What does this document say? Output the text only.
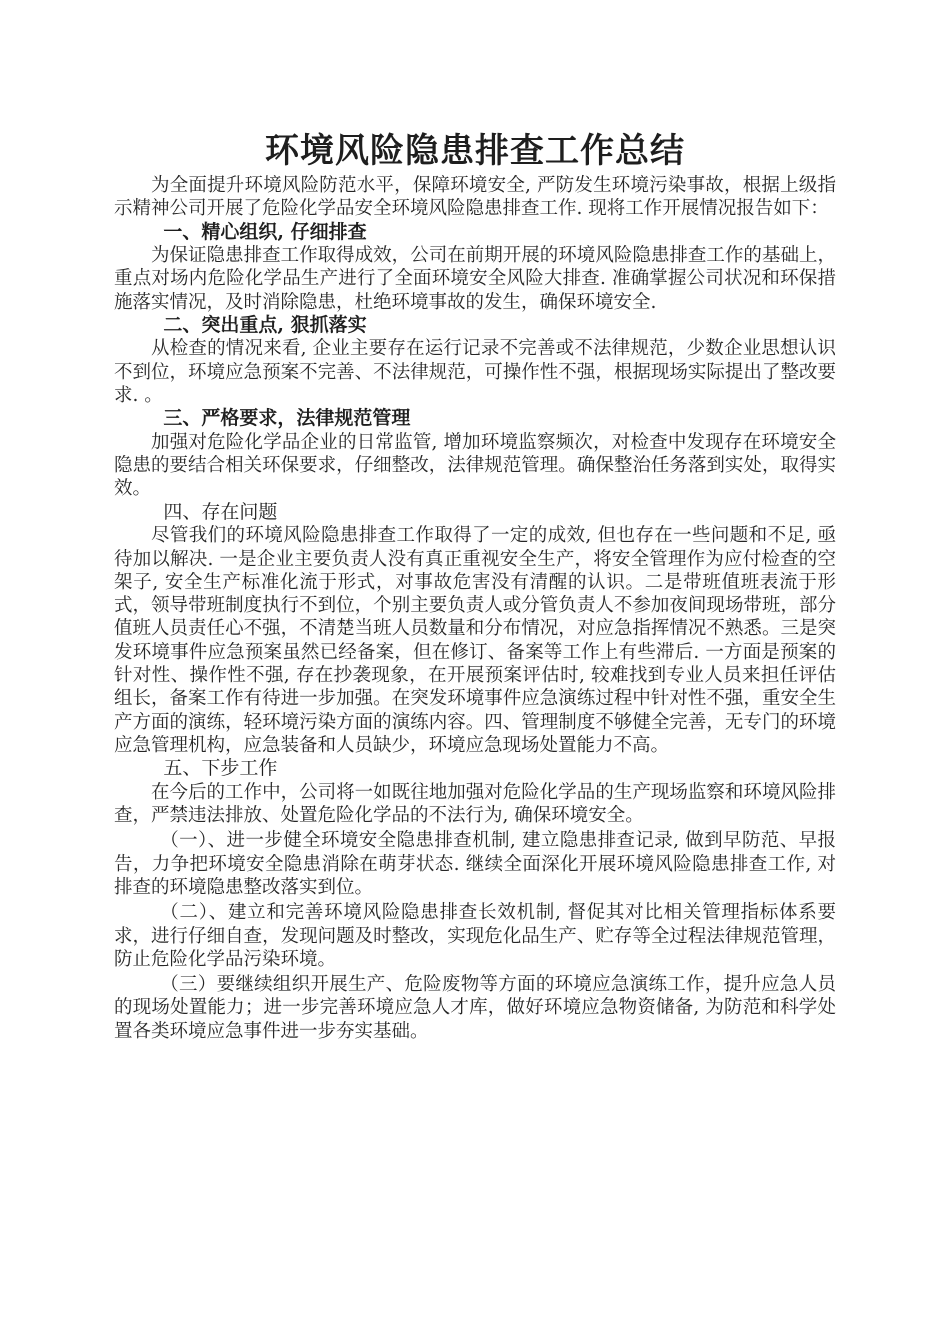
环境风险隐患排查工作总结

为全面提升环境风险防范水平，保障环境安全, 严防发生环境污染事故，根据上级指示精神公司开展了危险化学品安全环境风险隐患排查工作. 现将工作开展情况报告如下：

一、精心组织, 仔细排查

为保证隐患排查工作取得成效，公司在前期开展的环境风险隐患排查工作的基础上，重点对场内危险化学品生产进行了全面环境安全风险大排查. 准确掌握公司状况和环保措施落实情况，及时消除隐患，杜绝环境事故的发生，确保环境安全.

二、突出重点, 狠抓落实

从检查的情况来看, 企业主要存在运行记录不完善或不法律规范，少数企业思想认识不到位，环境应急预案不完善、不法律规范，可操作性不强，根据现场实际提出了整改要求. 。

三、严格要求，法律规范管理

加强对危险化学品企业的日常监管, 增加环境监察频次，对检查中发现存在环境安全隐患的要结合相关环保要求，仔细整改，法律规范管理。确保整治任务落到实处，取得实效。

四、存在问题

尽管我们的环境风险隐患排查工作取得了一定的成效, 但也存在一些问题和不足, 亟待加以解决. 一是企业主要负责人没有真正重视安全生产，将安全管理作为应付检查的空架子, 安全生产标准化流于形式，对事故危害没有清醒的认识。二是带班值班表流于形式，领导带班制度执行不到位，个别主要负责人或分管负责人不参加夜间现场带班，部分值班人员责任心不强，不清楚当班人员数量和分布情况，对应急指挥情况不熟悉。三是突发环境事件应急预案虽然已经备案，但在修订、备案等工作上有些滞后. 一方面是预案的针对性、操作性不强, 存在抄袭现象，在开展预案评估时, 较难找到专业人员来担任评估组长，备案工作有待进一步加强。在突发环境事件应急演练过程中针对性不强，重安全生产方面的演练，轻环境污染方面的演练内容。四、管理制度不够健全完善，无专门的环境应急管理机构，应急装备和人员缺少，环境应急现场处置能力不高。

五、下步工作

在今后的工作中，公司将一如既往地加强对危险化学品的生产现场监察和环境风险排查，严禁违法排放、处置危险化学品的不法行为, 确保环境安全。

（一）、进一步健全环境安全隐患排查机制, 建立隐患排查记录, 做到早防范、早报告，力争把环境安全隐患消除在萌芽状态. 继续全面深化开展环境风险隐患排查工作, 对排查的环境隐患整改落实到位。

（二）、建立和完善环境风险隐患排查长效机制, 督促其对比相关管理指标体系要求，进行仔细自查，发现问题及时整改，实现危化品生产、贮存等全过程法律规范管理，防止危险化学品污染环境。

（三）要继续组织开展生产、危险废物等方面的环境应急演练工作，提升应急人员的现场处置能力；进一步完善环境应急人才库，做好环境应急物资储备, 为防范和科学处置各类环境应急事件进一步夯实基础。
